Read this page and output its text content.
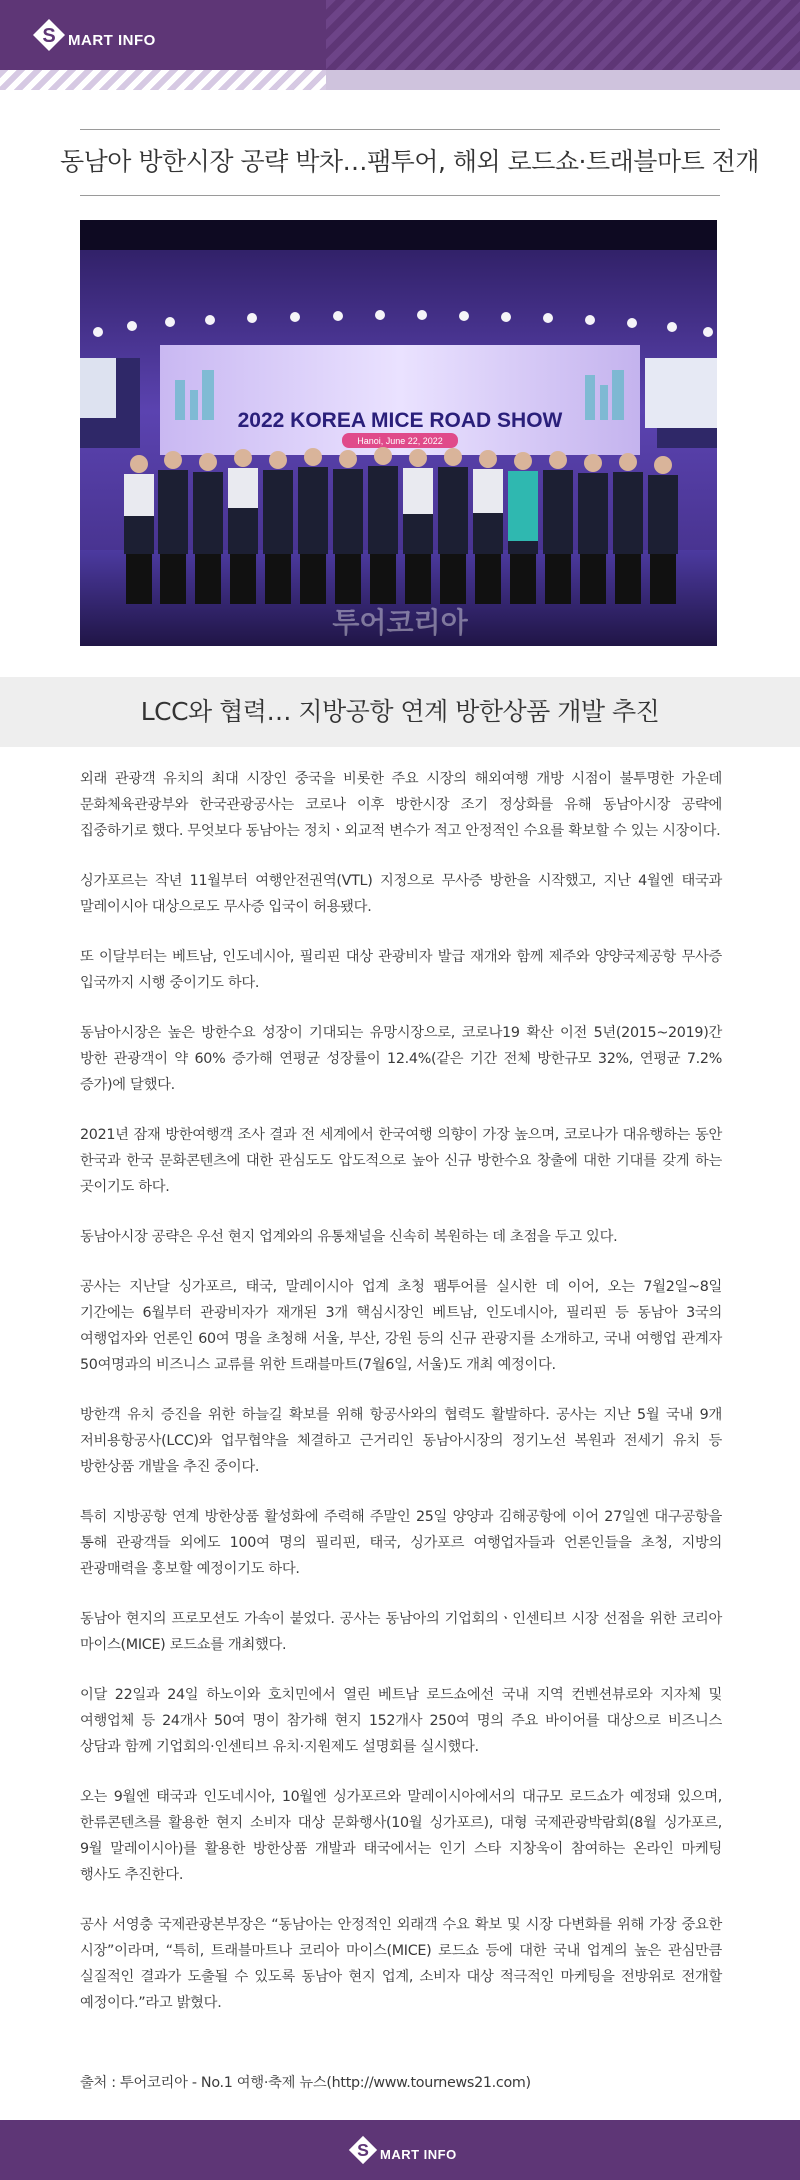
S MART INFO
동남아 방한시장 공략 박차…팸투어, 해외 로드쇼·트래블마트 전개
2022 KOREA MICE ROAD SHOW
Hanoi, June 22, 2022
투어코리아
LCC와 협력… 지방공항 연계 방한상품 개발 추진

외래 관광객 유치의 최대 시장인 중국을 비롯한 주요 시장의 해외여행 개방 시점이 불투명한 가운데 문화체육관광부와 한국관광공사는 코로나 이후 방한시장 조기 정상화를 유해 동남아시장 공략에 집중하기로 했다. 무엇보다 동남아는 정치ㆍ외교적 변수가 적고 안정적인 수요를 확보할 수 있는 시장이다.

싱가포르는 작년 11월부터 여행안전권역(VTL) 지정으로 무사증 방한을 시작했고, 지난 4월엔 태국과 말레이시아 대상으로도 무사증 입국이 허용됐다.

또 이달부터는 베트남, 인도네시아, 필리핀 대상 관광비자 발급 재개와 함께 제주와 양양국제공항 무사증 입국까지 시행 중이기도 하다.

동남아시장은 높은 방한수요 성장이 기대되는 유망시장으로, 코로나19 확산 이전 5년(2015~2019)간 방한 관광객이 약 60% 증가해 연평균 성장률이 12.4%(같은 기간 전체 방한규모 32%, 연평균 7.2% 증가)에 달했다.

2021년 잠재 방한여행객 조사 결과 전 세계에서 한국여행 의향이 가장 높으며, 코로나가 대유행하는 동안 한국과 한국 문화콘텐츠에 대한 관심도도 압도적으로 높아 신규 방한수요 창출에 대한 기대를 갖게 하는 곳이기도 하다.

동남아시장 공략은 우선 현지 업계와의 유통채널을 신속히 복원하는 데 초점을 두고 있다.

공사는 지난달 싱가포르, 태국, 말레이시아 업계 초청 팸투어를 실시한 데 이어, 오는 7월2일~8일 기간에는 6월부터 관광비자가 재개된 3개 핵심시장인 베트남, 인도네시아, 필리핀 등 동남아 3국의 여행업자와 언론인 60여 명을 초청해 서울, 부산, 강원 등의 신규 관광지를 소개하고, 국내 여행업 관계자 50여명과의 비즈니스 교류를 위한 트래블마트(7월6일, 서울)도 개최 예정이다.

방한객 유치 증진을 위한 하늘길 확보를 위해 항공사와의 협력도 활발하다. 공사는 지난 5월 국내 9개 저비용항공사(LCC)와 업무협약을 체결하고 근거리인 동남아시장의 정기노선 복원과 전세기 유치 등 방한상품 개발을 추진 중이다.

특히 지방공항 연계 방한상품 활성화에 주력해 주말인 25일 양양과 김해공항에 이어 27일엔 대구공항을 통해 관광객들 외에도 100여 명의 필리핀, 태국, 싱가포르 여행업자들과 언론인들을 초청, 지방의 관광매력을 홍보할 예정이기도 하다.

동남아 현지의 프로모션도 가속이 붙었다. 공사는 동남아의 기업회의ㆍ인센티브 시장 선점을 위한 코리아 마이스(MICE) 로드쇼를 개최했다.

이달 22일과 24일 하노이와 호치민에서 열린 베트남 로드쇼에선 국내 지역 컨벤션뷰로와 지자체 및 여행업체 등 24개사 50여 명이 참가해 현지 152개사 250여 명의 주요 바이어를 대상으로 비즈니스 상담과 함께 기업회의·인센티브 유치·지원제도 설명회를 실시했다.

오는 9월엔 태국과 인도네시아, 10월엔 싱가포르와 말레이시아에서의 대규모 로드쇼가 예정돼 있으며, 한류콘텐츠를 활용한 현지 소비자 대상 문화행사(10월 싱가포르), 대형 국제관광박람회(8월 싱가포르, 9월 말레이시아)를 활용한 방한상품 개발과 태국에서는 인기 스타 지창욱이 참여하는 온라인 마케팅 행사도 추진한다.

공사 서영충 국제관광본부장은 “동남아는 안정적인 외래객 수요 확보 및 시장 다변화를 위해 가장 중요한 시장”이라며, “특히, 트래블마트나 코리아 마이스(MICE) 로드쇼 등에 대한 국내 업계의 높은 관심만큼 실질적인 결과가 도출될 수 있도록 동남아 현지 업계, 소비자 대상 적극적인 마케팅을 전방위로 전개할 예정이다.”라고 밝혔다.

출처 : 투어코리아 - No.1 여행·축제 뉴스(http://www.tournews21.com)
S MART INFO
